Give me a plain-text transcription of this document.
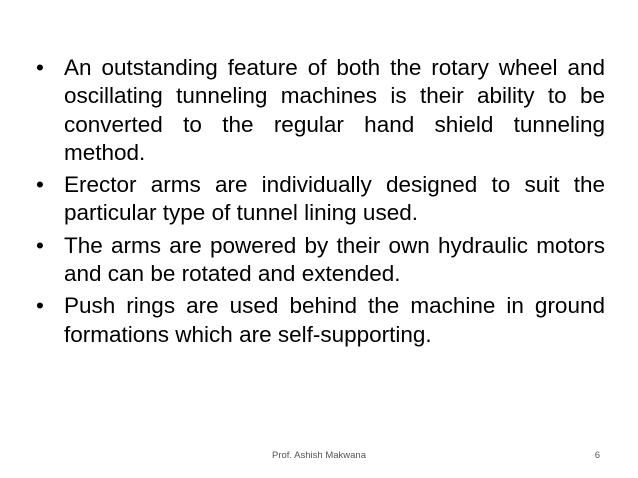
• An outstanding feature of both the rotary wheel and oscillating tunneling machines is their ability to be converted to the regular hand shield tunneling method.
• Erector arms are individually designed to suit the particular type of tunnel lining used.
• The arms are powered by their own hydraulic motors and can be rotated and extended.
• Push rings are used behind the machine in ground formations which are self-supporting.
Prof. Ashish Makwana	6
